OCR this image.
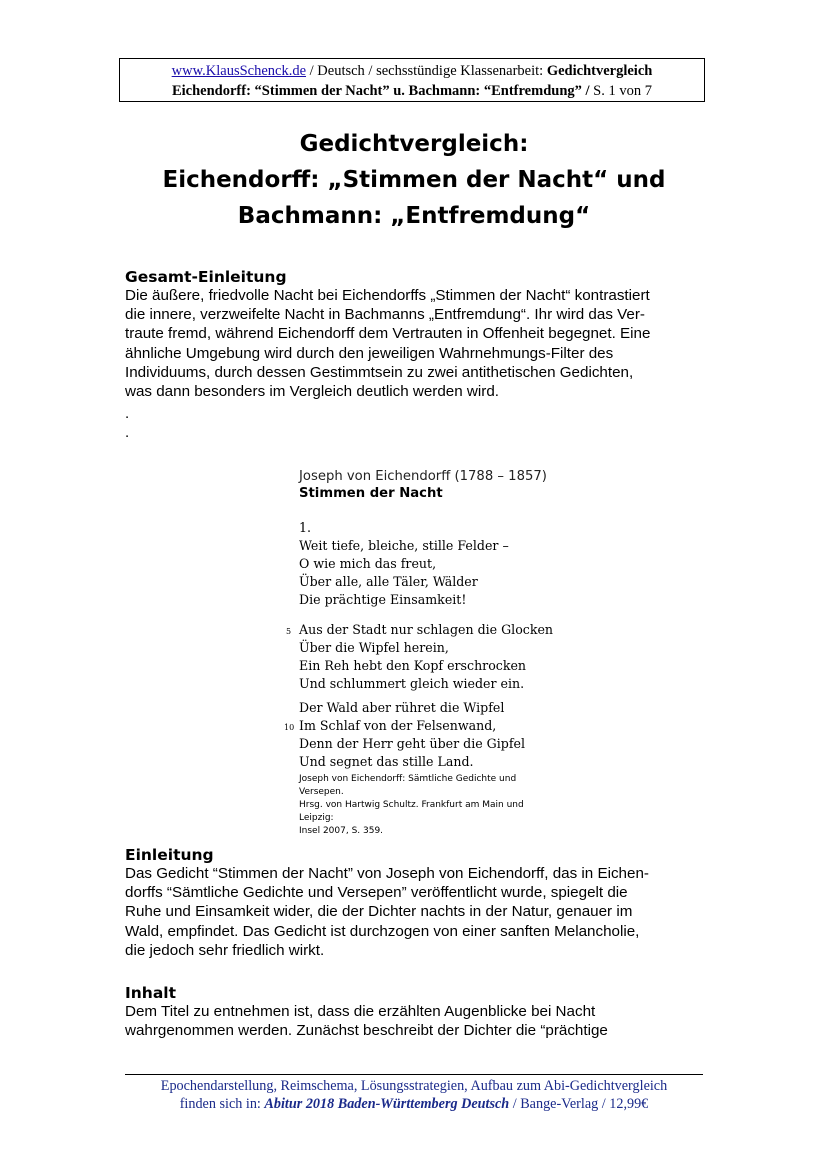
www.KlausSchenck.de / Deutsch / sechsstündige Klassenarbeit: Gedichtvergleich
Eichendorff: “Stimmen der Nacht” u. Bachmann: “Entfremdung” / S. 1 von 7
Gedichtvergleich:
Eichendorff: „Stimmen der Nacht“ und
Bachmann: „Entfremdung“
Gesamt-Einleitung
Die äußere, friedvolle Nacht bei Eichendorffs „Stimmen der Nacht“ kontrastiert
die innere, verzweifelte Nacht in Bachmanns „Entfremdung“. Ihr wird das Ver-
traute fremd, während Eichendorff dem Vertrauten in Offenheit begegnet. Eine
ähnliche Umgebung wird durch den jeweiligen Wahrnehmungs-Filter des
Individuums, durch dessen Gestimmtsein zu zwei antithetischen Gedichten,
was dann besonders im Vergleich deutlich werden wird.
.
.
Joseph von Eichendorff (1788 – 1857)
Stimmen der Nacht
1.
Weit tiefe, bleiche, stille Felder –
O wie mich das freut,
Über alle, alle Täler, Wälder
Die prächtige Einsamkeit!
5 Aus der Stadt nur schlagen die Glocken
Über die Wipfel herein,
Ein Reh hebt den Kopf erschrocken
Und schlummert gleich wieder ein.
Der Wald aber rühret die Wipfel
10 Im Schlaf von der Felsenwand,
Denn der Herr geht über die Gipfel
Und segnet das stille Land.
Joseph von Eichendorff: Sämtliche Gedichte und Versepen.
Hrsg. von Hartwig Schultz. Frankfurt am Main und Leipzig:
Insel 2007, S. 359.
Einleitung
Das Gedicht “Stimmen der Nacht” von Joseph von Eichendorff, das in Eichen-
dorffs “Sämtliche Gedichte und Versepen” veröffentlicht wurde, spiegelt die
Ruhe und Einsamkeit wider, die der Dichter nachts in der Natur, genauer im
Wald, empfindet. Das Gedicht ist durchzogen von einer sanften Melancholie,
die jedoch sehr friedlich wirkt.
Inhalt
Dem Titel zu entnehmen ist, dass die erzählten Augenblicke bei Nacht
wahrgenommen werden. Zunächst beschreibt der Dichter die “prächtige
Epochendarstellung, Reimschema, Lösungsstrategien, Aufbau zum Abi-Gedichtvergleich
finden sich in: Abitur 2018 Baden-Württemberg Deutsch / Bange-Verlag / 12,99€
